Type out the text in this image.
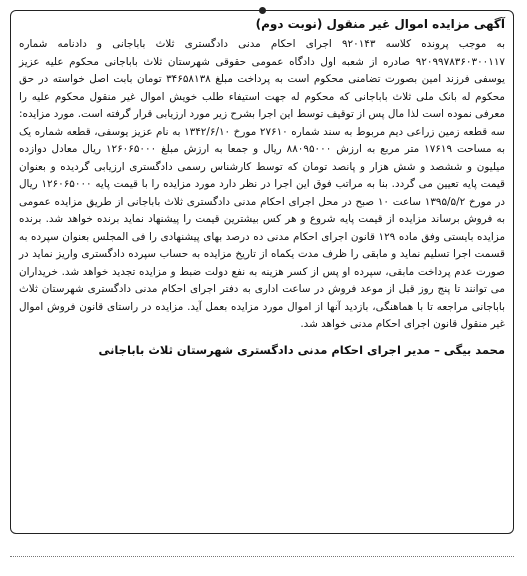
آگهی مزایده اموال غیر منقول (نوبت دوم)

به موجب پرونده کلاسه ۹۲۰۱۴۳ اجرای احکام مدنی دادگستری ثلاث باباجانی و دادنامه شماره ۹۲۰۹۹۷۸۳۶۰۳۰۰۱۱۷ صادره از شعبه اول دادگاه عمومی حقوقی شهرستان ثلاث باباجانی محکوم علیه عزیز یوسفی فرزند امین بصورت تضامنی محکوم است به پرداخت مبلغ ۳۴۶۵۸۱۳۸ تومان بابت اصل خواسته در حق محکوم له بانک ملی ثلاث باباجانی که محکوم له جهت استیفاء طلب خویش اموال غیر منقول محکوم علیه را معرفی نموده است لذا مال پس از توقیف توسط این اجرا بشرح زیر مورد ارزیابی قرار گرفته است. مورد مزایده: سه قطعه زمین زراعی دیم مربوط به سند شماره ۲۷۶۱۰ مورخ ۱۳۴۲/۶/۱۰ به نام عزیز یوسفی، قطعه شماره یک به مساحت ۱۷۶۱۹ متر مربع به ارزش ۸۸۰۹۵۰۰۰ ریال و جمعا به ارزش مبلغ ۱۲۶۰۶۵۰۰۰ ریال معادل دوازده میلیون و ششصد و شش هزار و پانصد تومان که توسط کارشناس رسمی دادگستری ارزیابی گردیده و بعنوان قیمت پایه تعیین می گردد. بنا به مراتب فوق این اجرا در نظر دارد مورد مزایده را با قیمت پایه ۱۲۶۰۶۵۰۰۰ ریال در مورخ ۱۳۹۵/۵/۲ ساعت ۱۰ صبح در محل اجرای احکام مدنی دادگستری ثلاث باباجانی از طریق مزایده عمومی به فروش برساند مزایده از قیمت پایه شروع و هر کس بیشترین قیمت را پیشنهاد نماید برنده خواهد شد. برنده مزایده بایستی وفق ماده ۱۲۹ قانون اجرای احکام مدنی ده درصد بهای پیشنهادی را فی المجلس بعنوان سپرده به قسمت اجرا تسلیم نماید و مابقی را ظرف مدت یکماه از تاریخ مزایده به حساب سپرده دادگستری واریز نماید در صورت عدم پرداخت مابقی، سپرده او پس از کسر هزینه به نفع دولت ضبط و مزایده تجدید خواهد شد. خریداران می توانند تا پنج روز قبل از موعد فروش در ساعت اداری به دفتر اجرای احکام مدنی دادگستری شهرستان ثلاث باباجانی مراجعه تا با هماهنگی، بازدید آنها از اموال مورد مزایده بعمل آید. مزایده در راستای قانون فروش اموال غیر منقول قانون اجرای احکام مدنی خواهد شد.

محمد بیگی – مدیر اجرای احکام مدنی دادگستری شهرستان ثلاث باباجانی
